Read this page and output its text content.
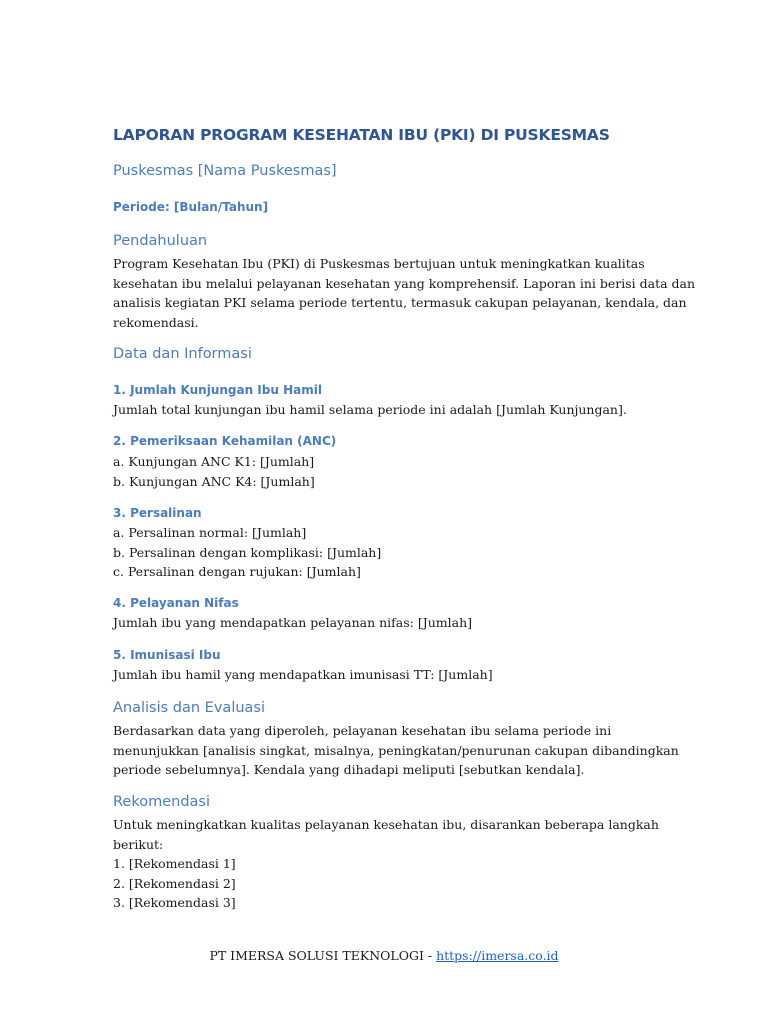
LAPORAN PROGRAM KESEHATAN IBU (PKI) DI PUSKESMAS
Puskesmas [Nama Puskesmas]
Periode: [Bulan/Tahun]
Pendahuluan
Program Kesehatan Ibu (PKI) di Puskesmas bertujuan untuk meningkatkan kualitas
kesehatan ibu melalui pelayanan kesehatan yang komprehensif. Laporan ini berisi data dan
analisis kegiatan PKI selama periode tertentu, termasuk cakupan pelayanan, kendala, dan
rekomendasi.
Data dan Informasi
1. Jumlah Kunjungan Ibu Hamil
Jumlah total kunjungan ibu hamil selama periode ini adalah [Jumlah Kunjungan].
2. Pemeriksaan Kehamilan (ANC)
a. Kunjungan ANC K1: [Jumlah]
b. Kunjungan ANC K4: [Jumlah]
3. Persalinan
a. Persalinan normal: [Jumlah]
b. Persalinan dengan komplikasi: [Jumlah]
c. Persalinan dengan rujukan: [Jumlah]
4. Pelayanan Nifas
Jumlah ibu yang mendapatkan pelayanan nifas: [Jumlah]
5. Imunisasi Ibu
Jumlah ibu hamil yang mendapatkan imunisasi TT: [Jumlah]
Analisis dan Evaluasi
Berdasarkan data yang diperoleh, pelayanan kesehatan ibu selama periode ini
menunjukkan [analisis singkat, misalnya, peningkatan/penurunan cakupan dibandingkan
periode sebelumnya]. Kendala yang dihadapi meliputi [sebutkan kendala].
Rekomendasi
Untuk meningkatkan kualitas pelayanan kesehatan ibu, disarankan beberapa langkah
berikut:
1. [Rekomendasi 1]
2. [Rekomendasi 2]
3. [Rekomendasi 3]
PT IMERSA SOLUSI TEKNOLOGI - https://imersa.co.id
